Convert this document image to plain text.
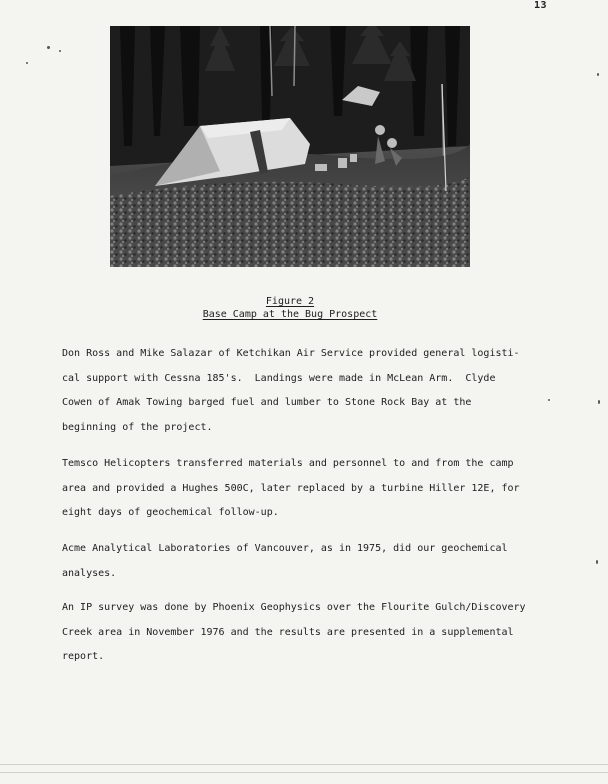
13
Figure 2
Base Camp at the Bug Prospect

Don Ross and Mike Salazar of Ketchikan Air Service provided general logisti-
cal support with Cessna 185's.  Landings were made in McLean Arm.  Clyde
Cowen of Amak Towing barged fuel and lumber to Stone Rock Bay at the
beginning of the project.

Temsco Helicopters transferred materials and personnel to and from the camp
area and provided a Hughes 500C, later replaced by a turbine Hiller 12E, for
eight days of geochemical follow-up.

Acme Analytical Laboratories of Vancouver, as in 1975, did our geochemical
analyses.

An IP survey was done by Phoenix Geophysics over the Flourite Gulch/Discovery
Creek area in November 1976 and the results are presented in a supplemental
report.
